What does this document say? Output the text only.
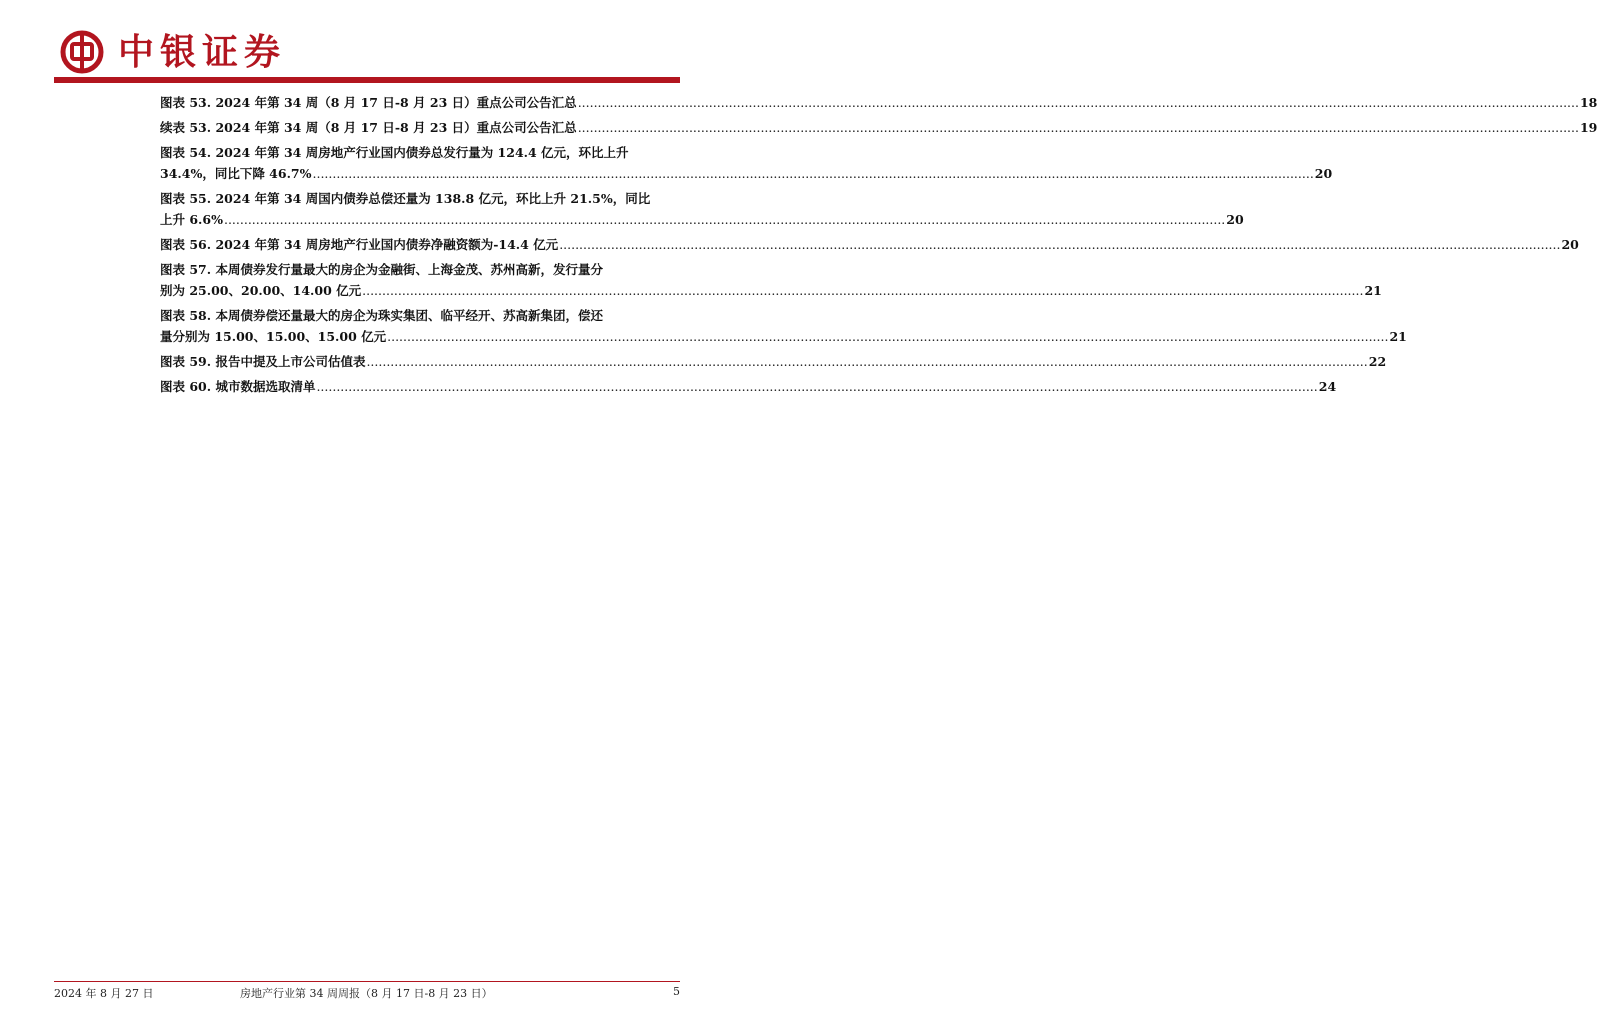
中银证券
图表 53. 2024 年第 34 周（8 月 17 日-8 月 23 日）重点公司公告汇总 .....	18
续表 53. 2024 年第 34 周（8 月 17 日-8 月 23 日）重点公司公告汇总 .....	19
图表 54. 2024 年第 34 周房地产行业国内债券总发行量为 124.4 亿元，环比上升
34.4%，同比下降 46.7% .....	20
图表 55. 2024 年第 34 周国内债券总偿还量为 138.8 亿元，环比上升 21.5%，同比
上升 6.6% .....	20
图表 56. 2024 年第 34 周房地产行业国内债券净融资额为-14.4 亿元 .....	20
图表 57. 本周债券发行量最大的房企为金融街、上海金茂、苏州高新，发行量分
别为 25.00、20.00、14.00 亿元 .....	21
图表 58. 本周债券偿还量最大的房企为珠实集团、临平经开、苏高新集团，偿还
量分别为 15.00、15.00、15.00 亿元 .....	21
图表 59. 报告中提及上市公司估值表 .....	22
图表 60. 城市数据选取清单 .....	24
2024 年 8 月 27 日	房地产行业第 34 周周报（8 月 17 日-8 月 23 日）	5
